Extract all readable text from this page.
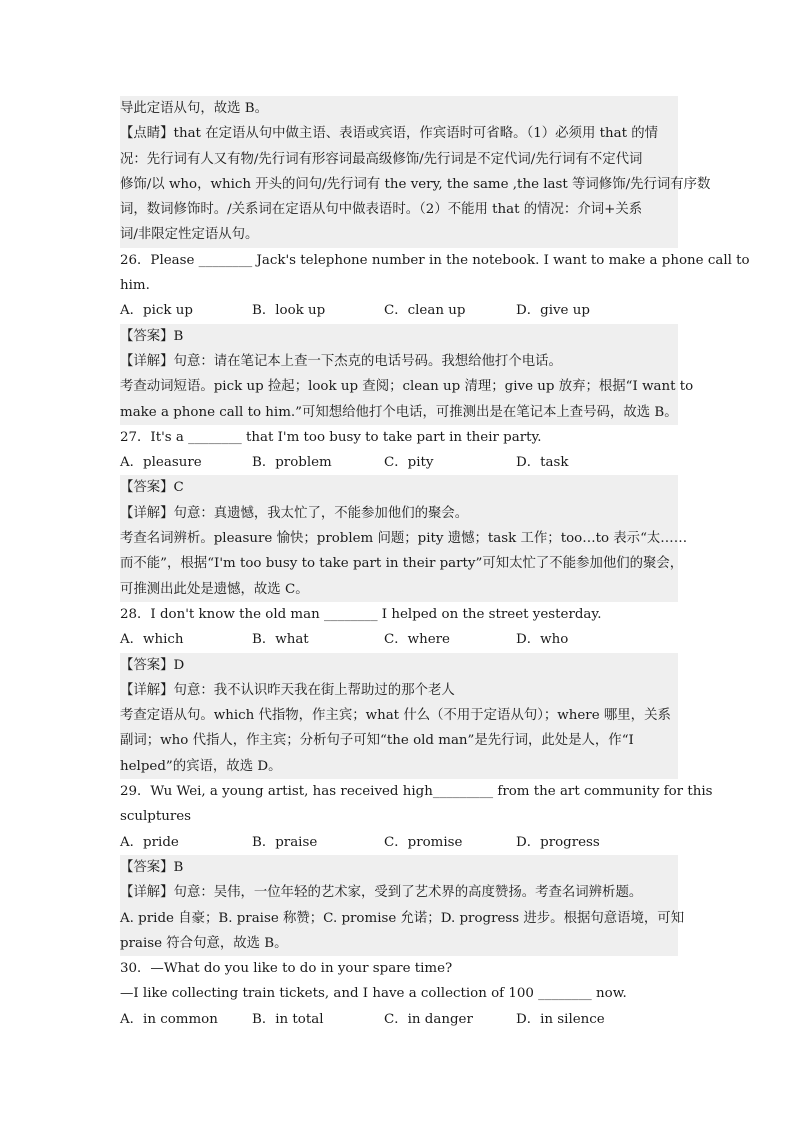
导此定语从句，故选 B。
【点睛】that 在定语从句中做主语、表语或宾语，作宾语时可省略。（1）必须用 that 的情
况：先行词有人又有物/先行词有形容词最高级修饰/先行词是不定代词/先行词有不定代词
修饰/以 who，which 开头的问句/先行词有 the very, the same ,the last 等词修饰/先行词有序数
词，数词修饰时。/关系词在定语从句中做表语时。（2）不能用 that 的情况：介词+关系
词/非限定性定语从句。
26．Please ________ Jack's telephone number in the notebook. I want to make a phone call to
him.
A．pick up	B．look up	C．clean up	D．give up
【答案】B
【详解】句意：请在笔记本上查一下杰克的电话号码。我想给他打个电话。
考查动词短语。pick up 捡起；look up 查阅；clean up 清理；give up 放弃；根据“I want to
make a phone call to him.”可知想给他打个电话，可推测出是在笔记本上查号码，故选 B。
27．It's a ________ that I'm too busy to take part in their party.
A．pleasure	B．problem	C．pity	D．task
【答案】C
【详解】句意：真遗憾，我太忙了，不能参加他们的聚会。
考查名词辨析。pleasure 愉快；problem 问题；pity 遗憾；task 工作；too…to 表示“太……
而不能”，根据“I'm too busy to take part in their party”可知太忙了不能参加他们的聚会，
可推测出此处是遗憾，故选 C。
28．I don't know the old man ________ I helped on the street yesterday.
A．which	B．what	C．where	D．who
【答案】D
【详解】句意：我不认识昨天我在街上帮助过的那个老人
考查定语从句。which 代指物，作主宾；what 什么（不用于定语从句）；where 哪里，关系
副词；who 代指人，作主宾；分析句子可知“the old man”是先行词，此处是人，作“I
helped”的宾语，故选 D。
29．Wu Wei, a young artist, has received high_________ from the art community for this
sculptures
A．pride	B．praise	C．promise	D．progress
【答案】B
【详解】句意：吴伟，一位年轻的艺术家，受到了艺术界的高度赞扬。考查名词辨析题。
A. pride 自豪；B. praise 称赞；C. promise 允诺；D. progress 进步。根据句意语境，可知
praise 符合句意，故选 B。
30．—What do you like to do in your spare time?
—I like collecting train tickets, and I have a collection of 100 ________ now.
A．in common	B．in total	C．in danger	D．in silence
